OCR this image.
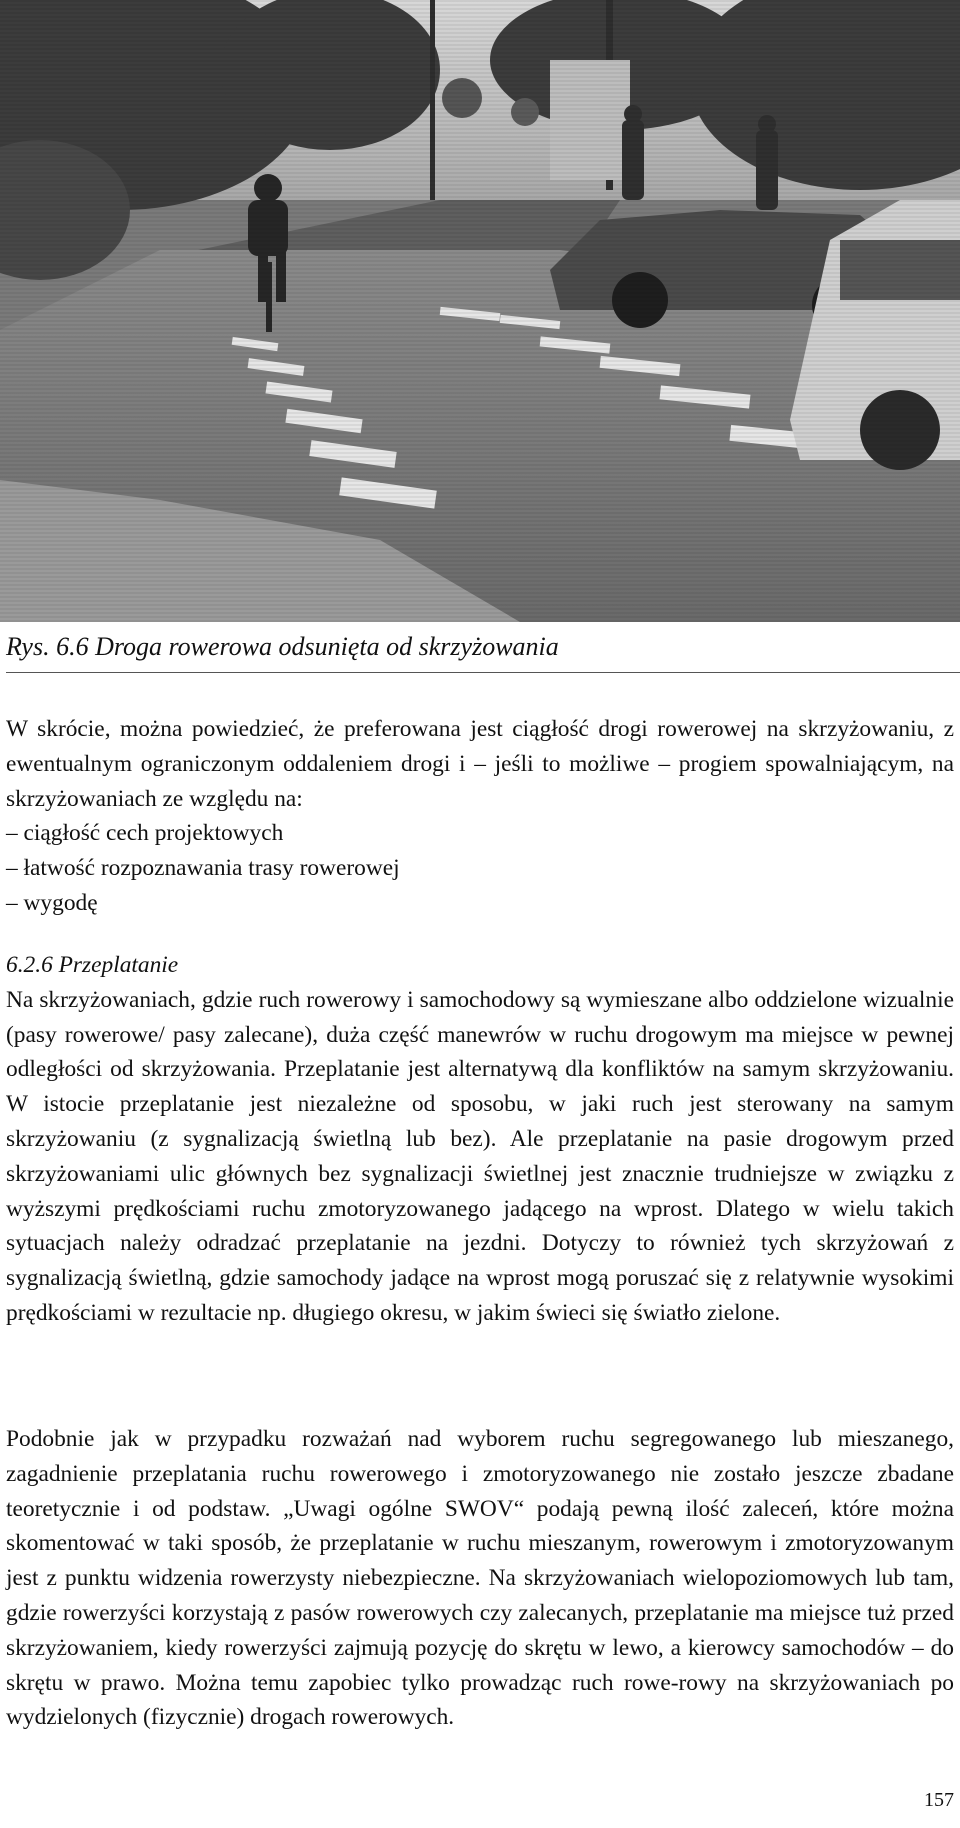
Rys. 6.6 Droga rowerowa odsunięta od skrzyżowania

W skrócie, można powiedzieć, że preferowana jest ciągłość drogi rowerowej na skrzyżowaniu, z ewentualnym ograniczonym oddaleniem drogi i – jeśli to możliwe – progiem spowalniającym, na skrzyżowaniach ze względu na:

– ciągłość cech projektowych

– łatwość rozpoznawania trasy rowerowej

– wygodę

6.2.6 Przeplatanie

Na skrzyżowaniach, gdzie ruch rowerowy i samochodowy są wymieszane albo oddzielone wizualnie (pasy rowerowe/ pasy zalecane), duża część manewrów w ruchu drogowym ma miejsce w pewnej odległości od skrzyżowania. Przeplatanie jest alternatywą dla konfliktów na samym skrzyżowaniu. W istocie przeplatanie jest niezależne od sposobu, w jaki ruch jest sterowany na samym skrzyżowaniu (z sygnalizacją świetlną lub bez). Ale przeplatanie na pasie drogowym przed skrzyżowaniami ulic głównych bez sygnalizacji świetlnej jest znacznie trudniejsze w związku z wyższymi prędkościami ruchu zmotoryzowanego jadącego na wprost. Dlatego w wielu takich sytuacjach należy odradzać przeplatanie na jezdni. Dotyczy to również tych skrzyżowań z sygnalizacją świetlną, gdzie samochody jadące na wprost mogą poruszać się z relatywnie wysokimi prędkościami w rezultacie np. długiego okresu, w jakim świeci się światło zielone.

Podobnie jak w przypadku rozważań nad wyborem ruchu segregowanego lub mieszanego, zagadnienie przeplatania ruchu rowerowego i zmotoryzowanego nie zostało jeszcze zbadane teoretycznie i od podstaw. „Uwagi ogólne SWOV“ podają pewną ilość zaleceń, które można skomentować w taki sposób, że przeplatanie w ruchu mieszanym, rowerowym i zmotoryzowanym jest z punktu widzenia rowerzysty niebezpieczne. Na skrzyżowaniach wielopoziomowych lub tam, gdzie rowerzyści korzystają z pasów rowerowych czy zalecanych, przeplatanie ma miejsce tuż przed skrzyżowaniem, kiedy rowerzyści zajmują pozycję do skrętu w lewo, a kierowcy samochodów – do skrętu w prawo. Można temu zapobiec tylko prowadząc ruch rowe-rowy na skrzyżowaniach po wydzielonych (fizycznie) drogach rowerowych.

157
